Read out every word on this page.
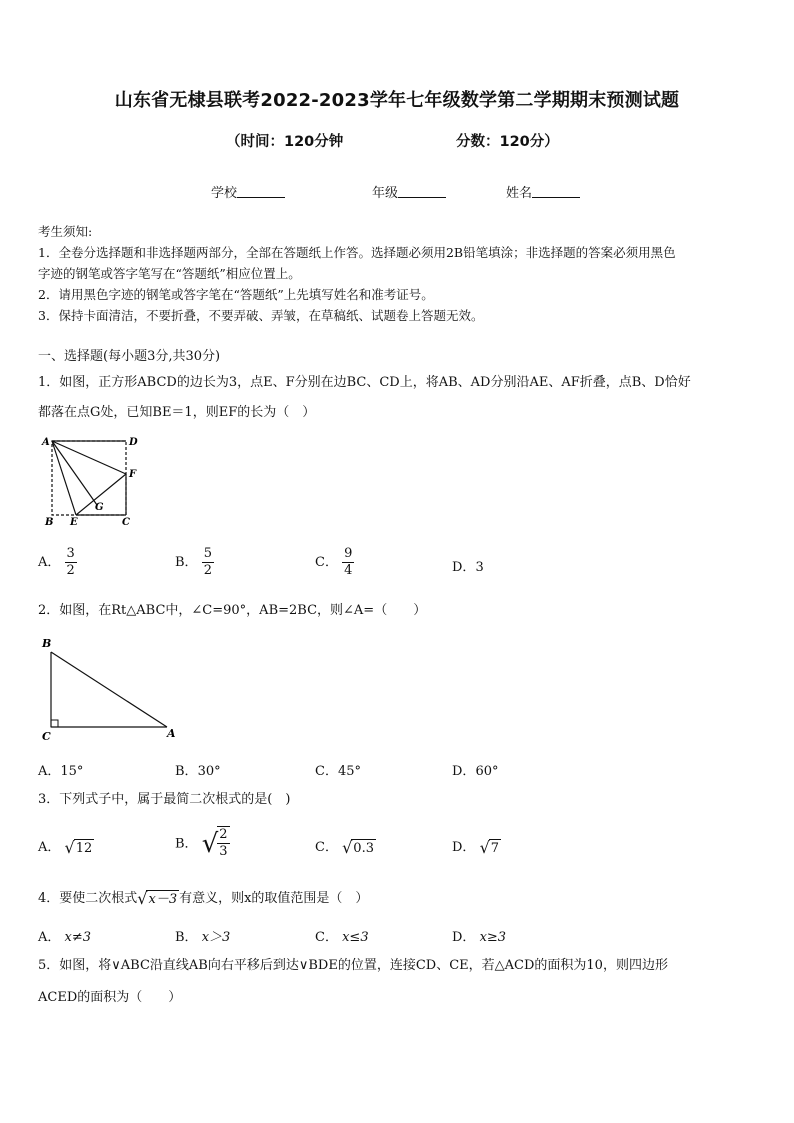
山东省无棣县联考2022-2023学年七年级数学第二学期期末预测试题
（时间：120分钟	分数：120分）
学校	年级	姓名
考生须知:
1．全卷分选择题和非选择题两部分，全部在答题纸上作答。选择题必须用2B铅笔填涂；非选择题的答案必须用黑色
字迹的钢笔或答字笔写在“答题纸”相应位置上。
2．请用黑色字迹的钢笔或答字笔在“答题纸”上先填写姓名和准考证号。
3．保持卡面清洁，不要折叠，不要弄破、弄皱，在草稿纸、试题卷上答题无效。
一、选择题(每小题3分,共30分)
1．如图，正方形ABCD的边长为3，点E、F分别在边BC、CD上，将AB、AD分别沿AE、AF折叠，点B、D恰好
都落在点G处，已知BE＝1，则EF的长为（　）
A	D
F
G
B E	C
A． $\frac{3}{2}$	B． $\frac{5}{2}$	C． $\frac{9}{4}$	D．3
2．如图，在Rt△ABC中，∠C=90°，AB=2BC，则∠A=（　　）
B
C	A
A．15°	B．30°	C．45°	D．60°
3．下列式子中，属于最简二次根式的是(　)
A． √ 12	B． √ $\frac{2}{3}$	C． √ 0.3	D． √ 7
4．要使二次根式 √ x－3 有意义，则x的取值范围是（　）
A． x≠3	B． x＞3	C． x≤3	D． x≥3
5．如图，将∨ABC沿直线AB向右平移后到达∨BDE的位置，连接CD、CE，若△ACD的面积为10，则四边形
ACED的面积为（　　）
